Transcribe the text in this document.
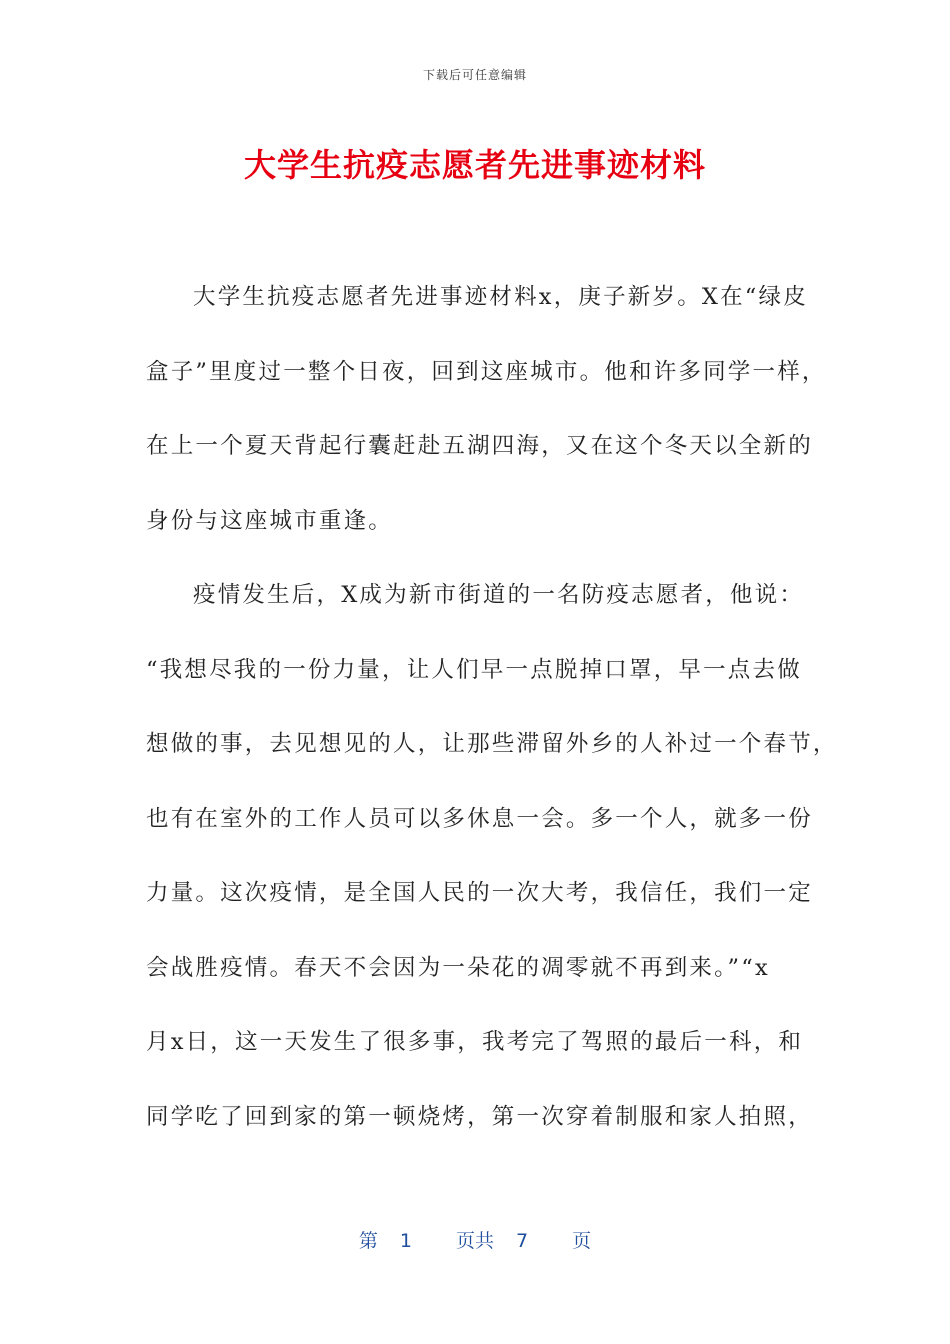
下载后可任意编辑
大学生抗疫志愿者先进事迹材料
大学生抗疫志愿者先进事迹材料x，庚子新岁。X在“绿皮
盒子”里度过一整个日夜，回到这座城市。他和许多同学一样，
在上一个夏天背起行囊赶赴五湖四海，又在这个冬天以全新的
身份与这座城市重逢。
疫情发生后，X成为新市街道的一名防疫志愿者，他说：
“我想尽我的一份力量，让人们早一点脱掉口罩，早一点去做
想做的事，去见想见的人，让那些滞留外乡的人补过一个春节，
也有在室外的工作人员可以多休息一会。多一个人，就多一份
力量。这次疫情，是全国人民的一次大考，我信任，我们一定
会战胜疫情。春天不会因为一朵花的凋零就不再到来。”“x
月x日，这一天发生了很多事，我考完了驾照的最后一科，和
同学吃了回到家的第一顿烧烤，第一次穿着制服和家人拍照，
第 1 页共 7 页
